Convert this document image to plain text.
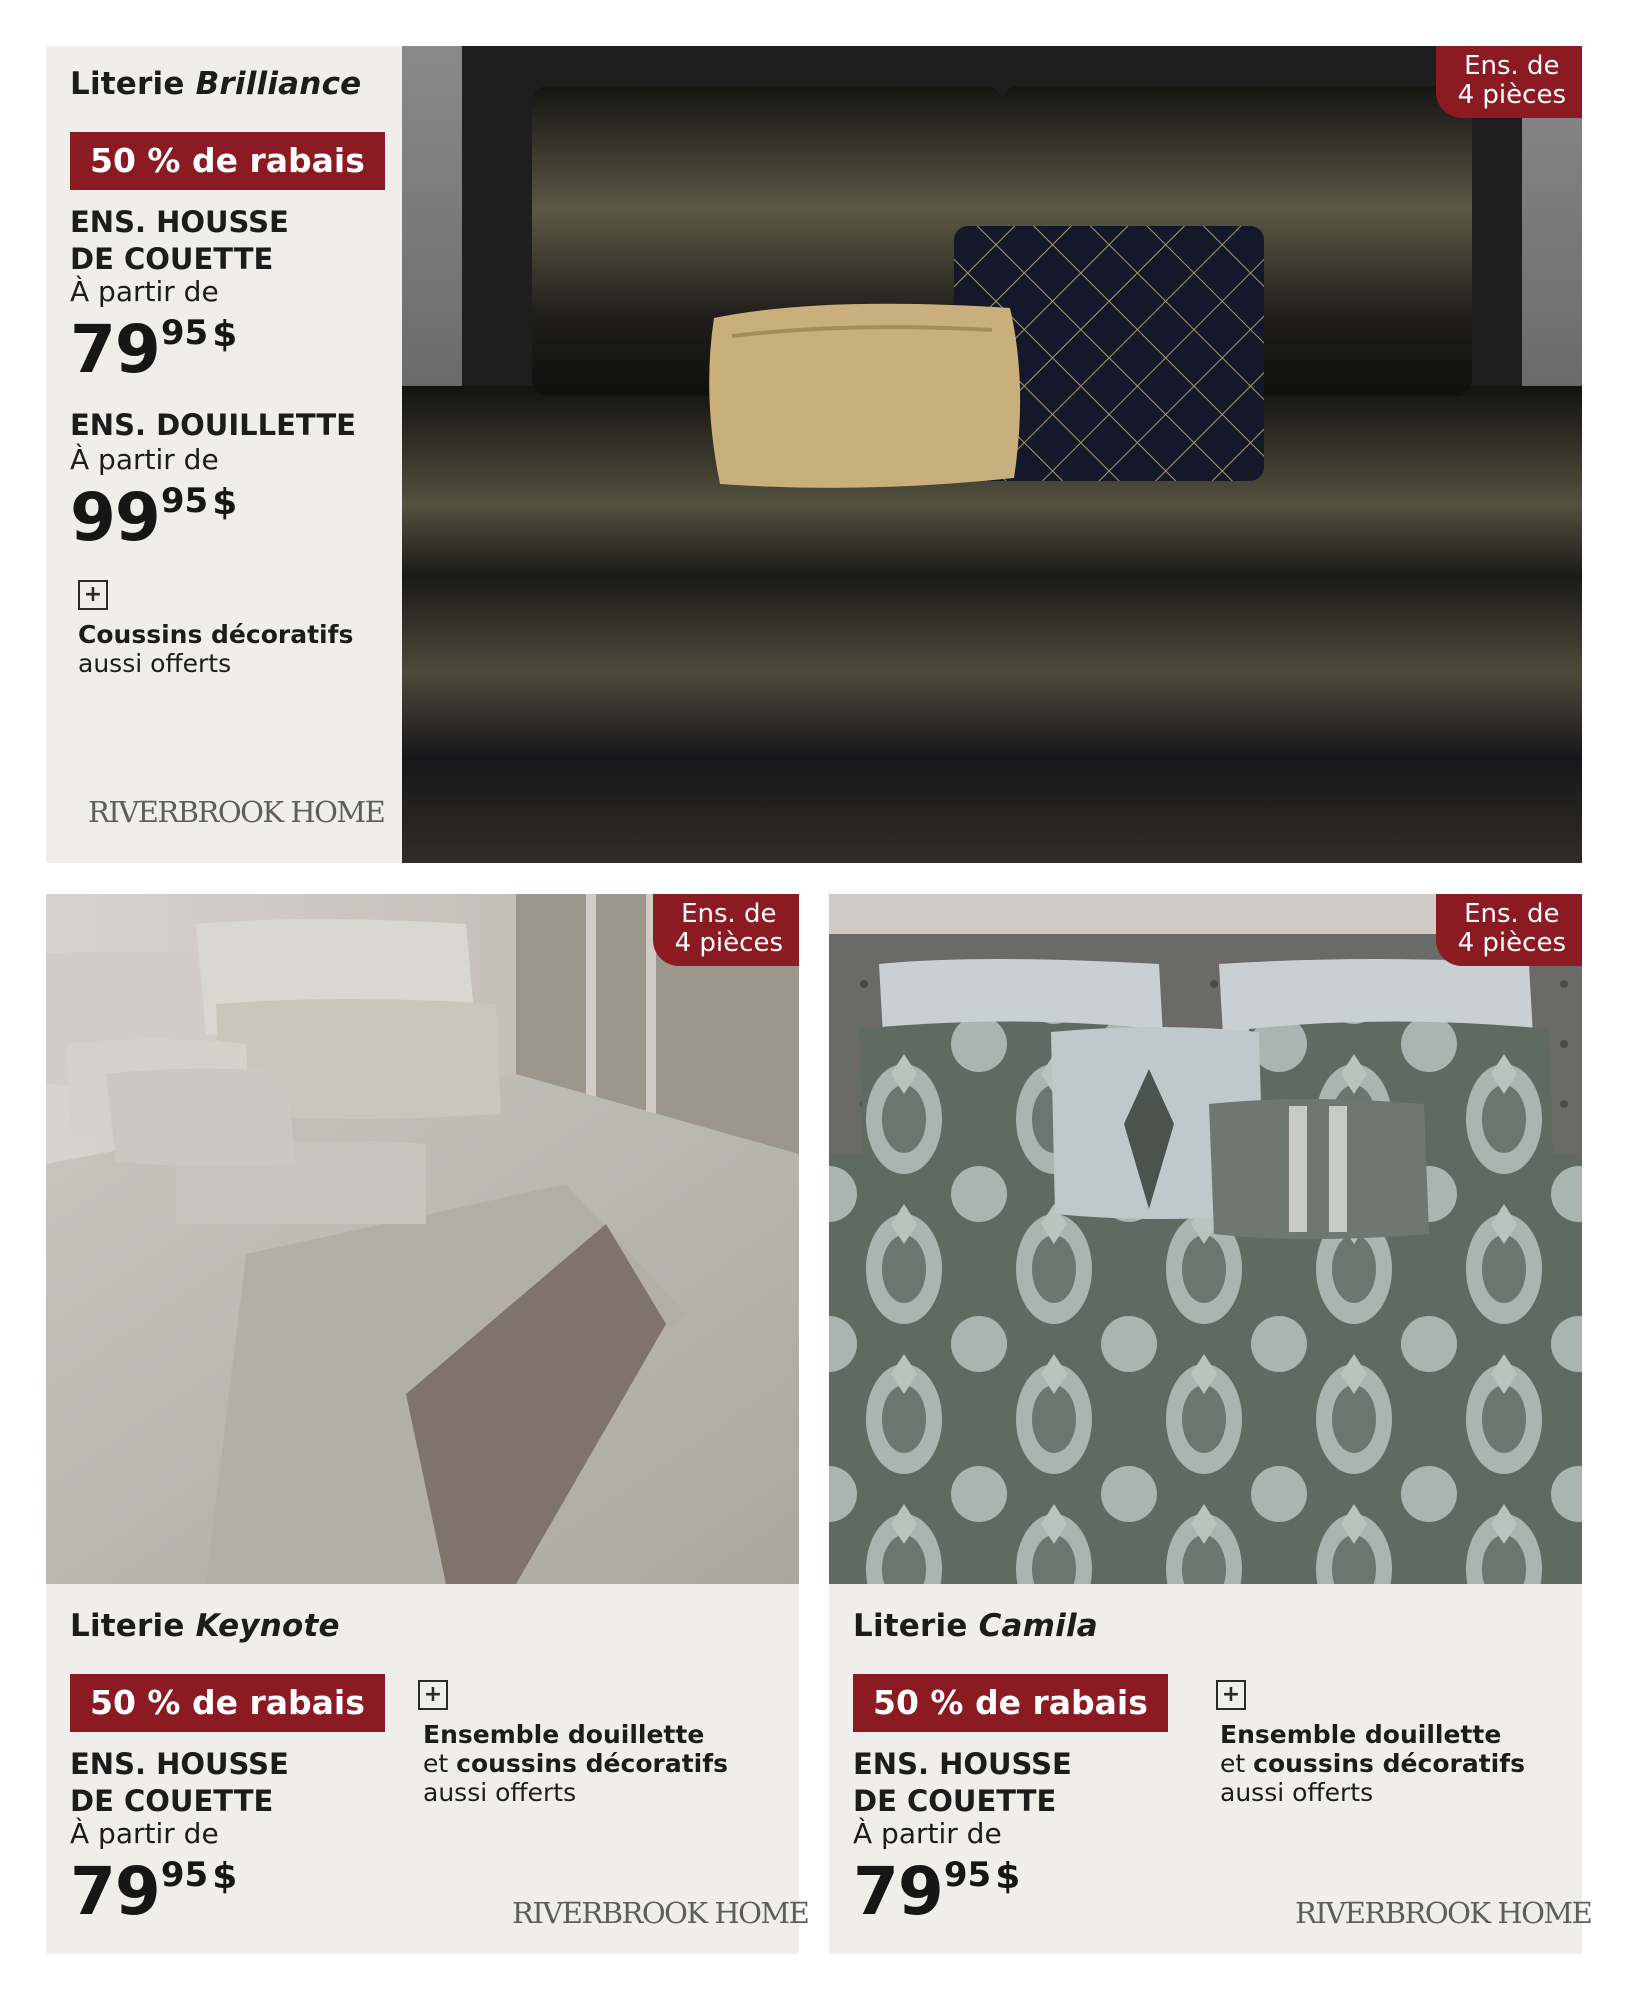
Literie Brilliance
50 % de rabais
ENS. HOUSSE
DE COUETTE
À partir de
7995 $
ENS. DOUILLETTE
À partir de
9995 $
+
Coussins décoratifs
aussi offerts
RIVERBROOK HOME
Ens. de
4 pièces
Literie Keynote
50 % de rabais
ENS. HOUSSE
DE COUETTE
À partir de
7995 $
+
Ensemble douillette
et coussins décoratifs
aussi offerts
RIVERBROOK HOME
Ens. de
4 pièces
Literie Camila
50 % de rabais
ENS. HOUSSE
DE COUETTE
À partir de
7995 $
+
Ensemble douillette
et coussins décoratifs
aussi offerts
RIVERBROOK HOME
Ens. de
4 pièces
